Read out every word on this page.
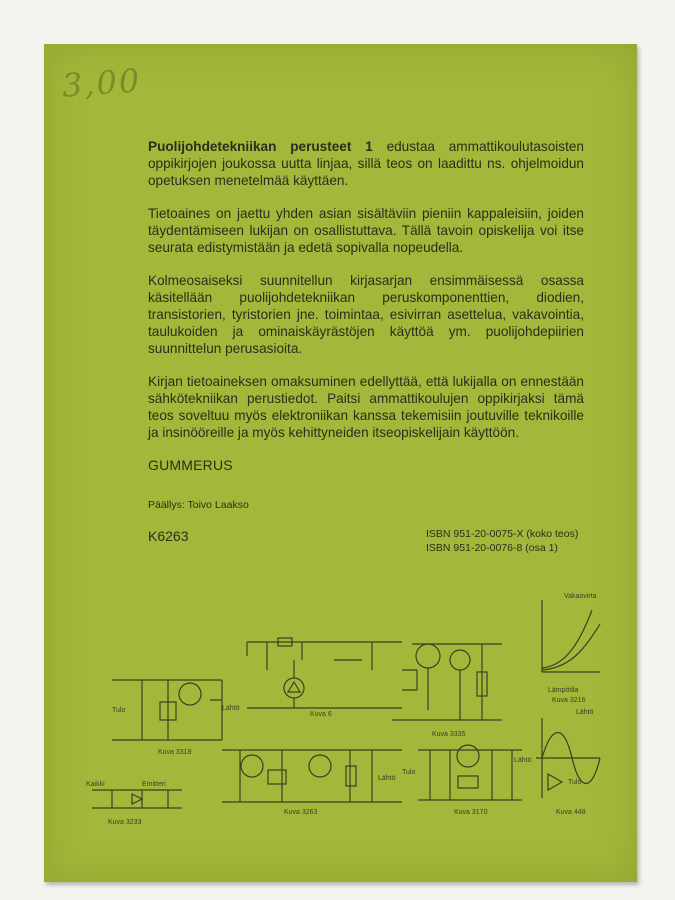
3,00

Puolijohdetekniikan perusteet 1 edustaa ammattikoulutasoisten oppikirjojen joukossa uutta linjaa, sillä teos on laadittu ns. ohjelmoidun opetuksen menetelmää käyttäen.

Tietoaines on jaettu yhden asian sisältäviin pieniin kappaleisiin, joiden täydentämiseen lukijan on osallistuttava. Tällä tavoin opiskelija voi itse seurata edistymistään ja edetä sopivalla nopeudella.

Kolmeosaiseksi suunnitellun kirjasarjan ensimmäisessä osassa käsitellään puolijohdetekniikan peruskomponenttien, diodien, transistorien, tyristorien jne. toimintaa, esivirran asettelua, vakavointia, taulukoiden ja ominaiskäyrästöjen käyttöä ym. puolijohdepiirien suunnittelun perusasioita.

Kirjan tietoaineksen omaksuminen edellyttää, että lukijalla on ennestään sähkötekniikan perustiedot. Paitsi ammattikoulujen oppikirjaksi tämä teos soveltuu myös elektroniikan kanssa tekemisiin joutuville teknikoille ja insinööreille ja myös kehittyneiden itseopiskelijain käyttöön.

GUMMERUS
Päällys: Toivo Laakso
K6263	ISBN 951-20-0075-X (koko teos)
ISBN 951-20-0076-8 (osa 1)
Kuva 6
Kuva 3335
Vakaovirta
Lämpötila
Kuva 3216
Tulo	Lähtö
Kuva 3318
Lähtö
Kuva 3263
Tulo
Lähtö
Kuva 3170
Lähtö
Tulo
Kuva 448
Kaikki	Emitteri
Kuva 3233
